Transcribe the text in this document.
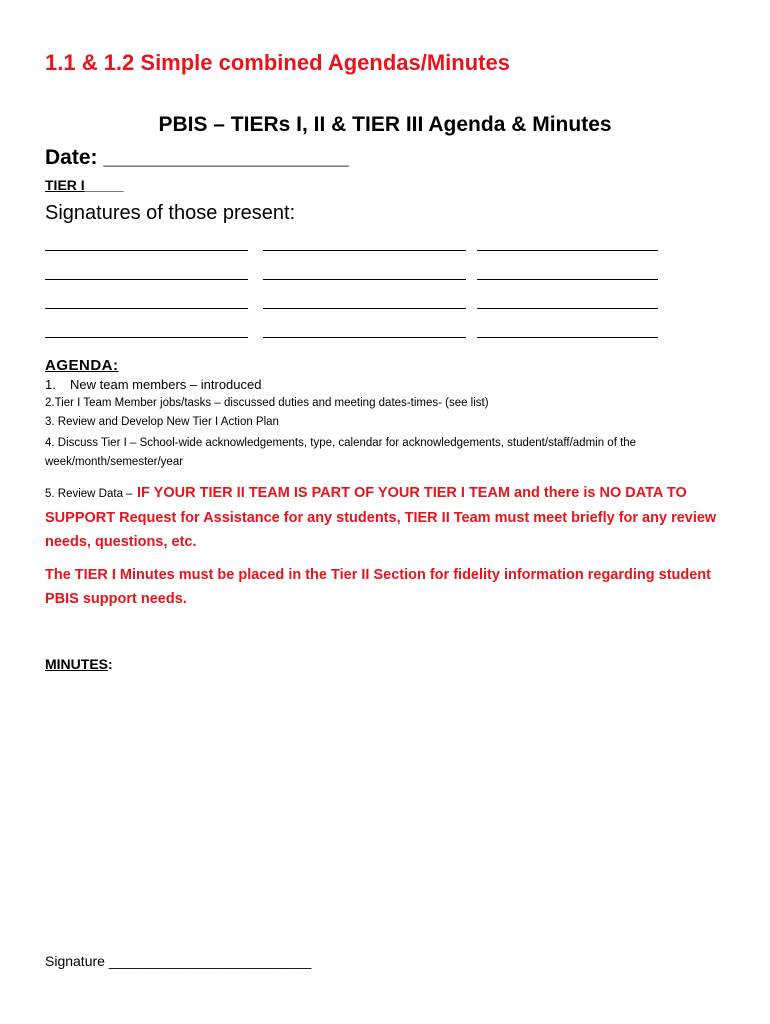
1.1 & 1.2 Simple combined Agendas/Minutes
PBIS – TIERs I, II & TIER III Agenda & Minutes
Date: _____________________
TIER I_____
Signatures of those present:
AGENDA:
1. New team members – introduced
2.Tier I Team Member jobs/tasks – discussed duties and meeting dates-times- (see list)
3. Review and Develop New Tier I Action Plan
4. Discuss Tier I – School-wide acknowledgements, type, calendar for acknowledgements, student/staff/admin of the week/month/semester/year
5. Review Data – IF YOUR TIER II TEAM IS PART OF YOUR TIER I TEAM and there is NO DATA TO SUPPORT Request for Assistance for any students, TIER II Team must meet briefly for any review needs, questions, etc.
The TIER I Minutes must be placed in the Tier II Section for fidelity information regarding student PBIS support needs.
MINUTES:
Signature __________________________
